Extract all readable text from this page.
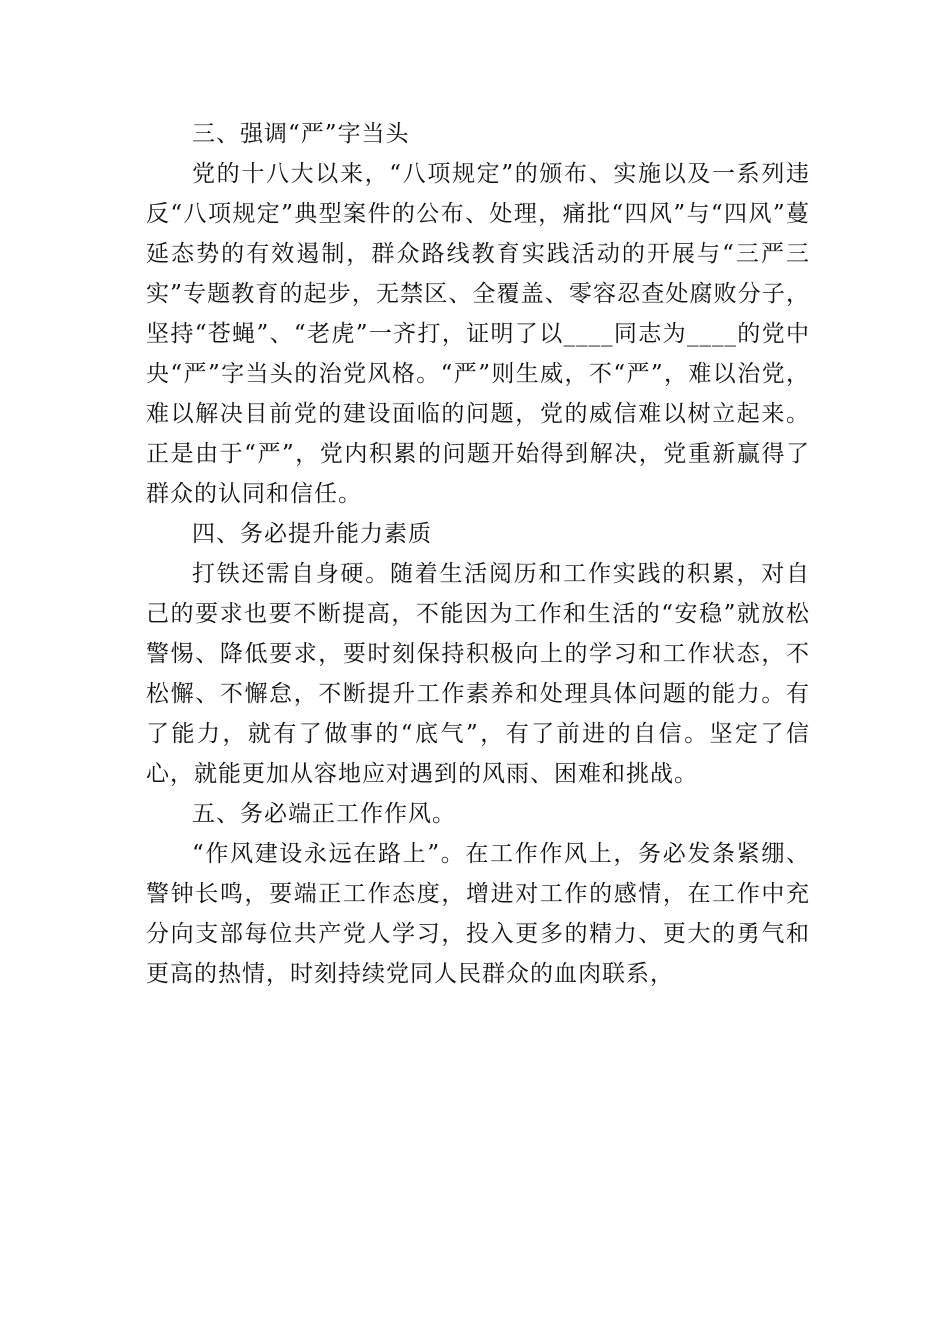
三、强调“严”字当头

党的十八大以来，“八项规定”的颁布、实施以及一系列违反“八项规定”典型案件的公布、处理，痛批“四风”与“四风”蔓延态势的有效遏制，群众路线教育实践活动的开展与“三严三实”专题教育的起步，无禁区、全覆盖、零容忍查处腐败分子，坚持“苍蝇”、“老虎”一齐打，证明了以____同志为____的党中央“严”字当头的治党风格。“严”则生威，不“严”，难以治党，难以解决目前党的建设面临的问题，党的威信难以树立起来。正是由于“严”，党内积累的问题开始得到解决，党重新赢得了群众的认同和信任。

四、务必提升能力素质

打铁还需自身硬。随着生活阅历和工作实践的积累，对自己的要求也要不断提高，不能因为工作和生活的“安稳”就放松警惕、降低要求，要时刻保持积极向上的学习和工作状态，不松懈、不懈怠，不断提升工作素养和处理具体问题的能力。有了能力，就有了做事的“底气”，有了前进的自信。坚定了信心，就能更加从容地应对遇到的风雨、困难和挑战。

五、务必端正工作作风。

“作风建设永远在路上”。在工作作风上，务必发条紧绷、警钟长鸣，要端正工作态度，增进对工作的感情，在工作中充分向支部每位共产党人学习，投入更多的精力、更大的勇气和更高的热情，时刻持续党同人民群众的血肉联系，
